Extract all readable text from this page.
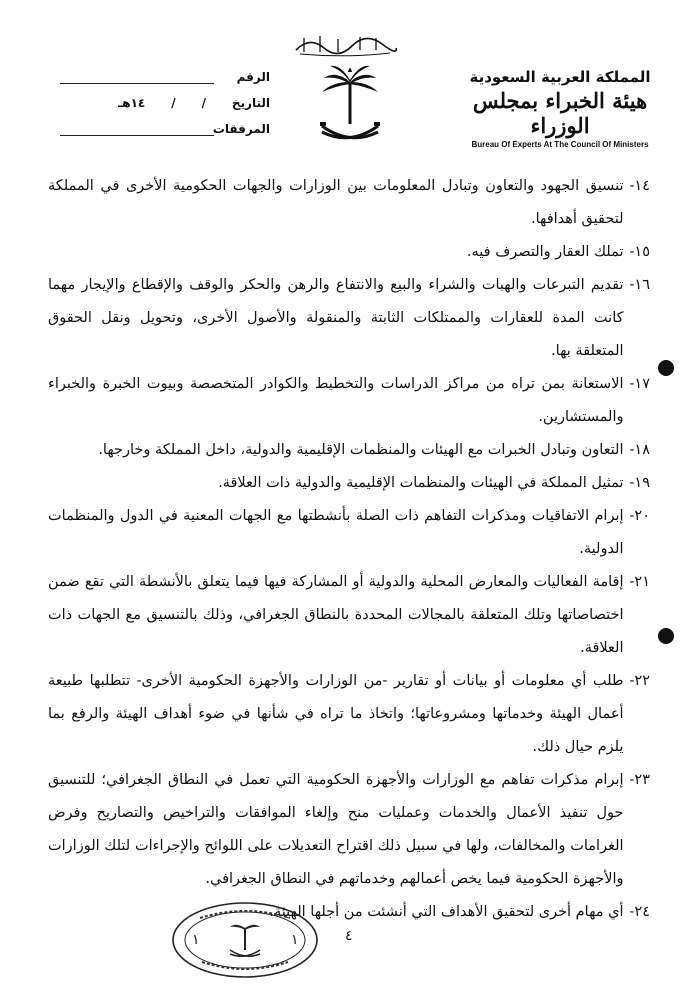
الرقم
التاريخ
/
/
١٤هـ
المرفقات
المملكة العربية السعودية
هيئة الخبراء بمجلس الوزراء
Bureau Of Experts At The Council Of Ministers
١٤-
تنسيق الجهود والتعاون وتبادل المعلومات بين الوزارات والجهات الحكومية الأخرى في المملكة لتحقيق أهدافها.
١٥-
تملك العقار والتصرف فيه.
١٦-
تقديم التبرعات والهبات والشراء والبيع والانتفاع والرهن والحكر والوقف والإقطاع والإيجار مهما كانت المدة للعقارات والممتلكات الثابتة والمنقولة والأصول الأخرى، وتحويل ونقل الحقوق المتعلقة بها.
١٧-
الاستعانة بمن تراه من مراكز الدراسات والتخطيط والكوادر المتخصصة وبيوت الخبرة والخبراء والمستشارين.
١٨-
التعاون وتبادل الخبرات مع الهيئات والمنظمات الإقليمية والدولية، داخل المملكة وخارجها.
١٩-
تمثيل المملكة في الهيئات والمنظمات الإقليمية والدولية ذات العلاقة.
٢٠-
إبرام الاتفاقيات ومذكرات التفاهم ذات الصلة بأنشطتها مع الجهات المعنية في الدول والمنظمات الدولية.
٢١-
إقامة الفعاليات والمعارض المحلية والدولية أو المشاركة فيها فيما يتعلق بالأنشطة التي تقع ضمن اختصاصاتها وتلك المتعلقة بالمجالات المحددة بالنطاق الجغرافي، وذلك بالتنسيق مع الجهات ذات العلاقة.
٢٢-
طلب أي معلومات أو بيانات أو تقارير -من الوزارات والأجهزة الحكومية الأخرى- تتطلبها طبيعة أعمال الهيئة وخدماتها ومشروعاتها؛ واتخاذ ما تراه في شأنها في ضوء أهداف الهيئة والرفع بما يلزم حيال ذلك.
٢٣-
إبرام مذكرات تفاهم مع الوزارات والأجهزة الحكومية التي تعمل في النطاق الجغرافي؛ للتنسيق حول تنفيذ الأعمال والخدمات وعمليات منح وإلغاء الموافقات والتراخيص والتصاريح وفرض الغرامات والمخالفات، ولها في سبيل ذلك اقتراح التعديلات على اللوائح والإجراءات لتلك الوزارات والأجهزة الحكومية فيما يخص أعمالهم وخدماتهم في النطاق الجغرافي.
٢٤-
أي مهام أخرى لتحقيق الأهداف التي أنشئت من أجلها الهيئة.
٤
١	١
